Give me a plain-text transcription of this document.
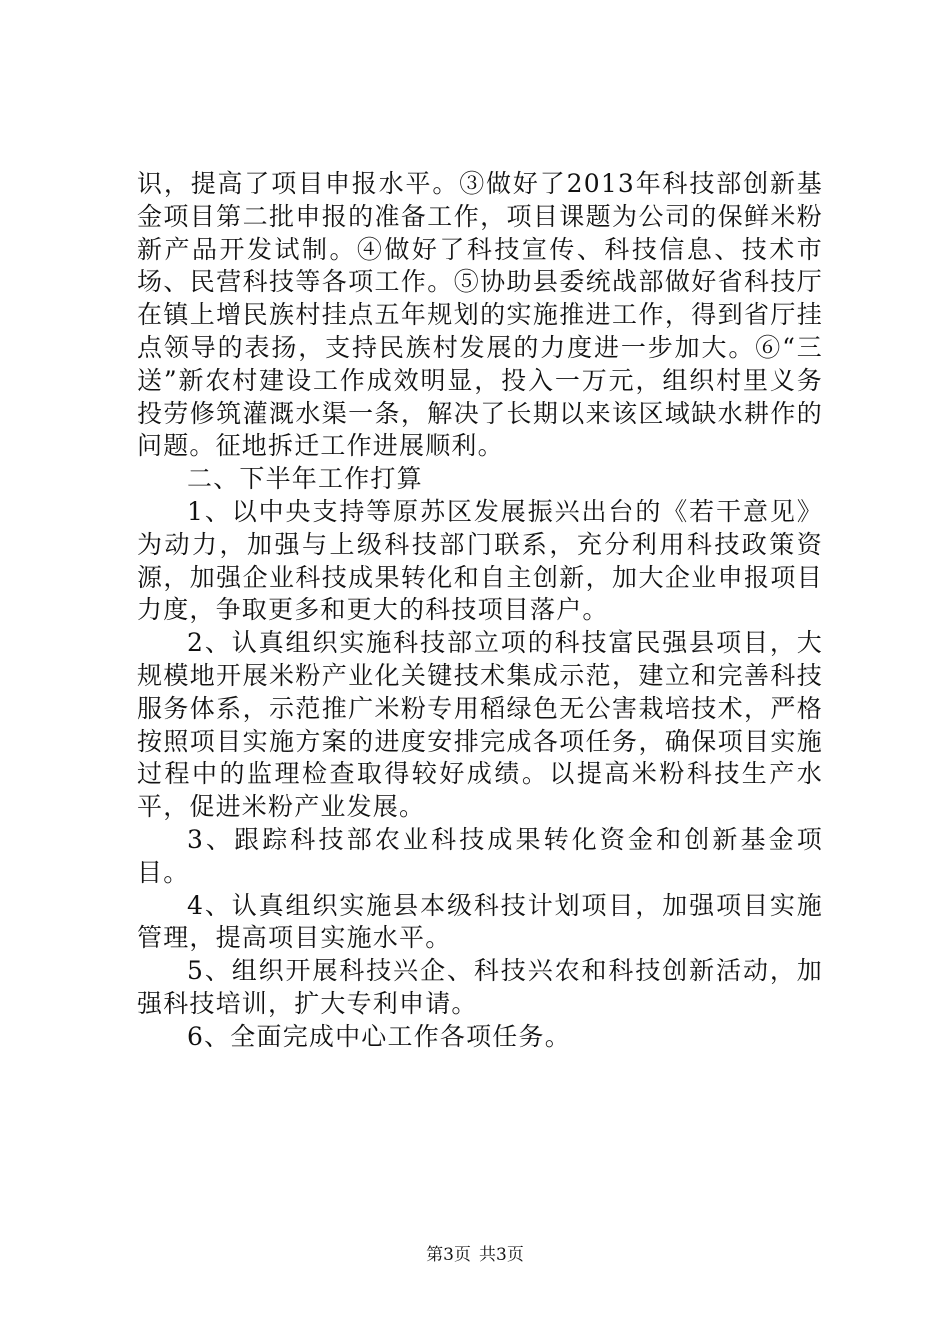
识，提高了项目申报水平。③做好了2013年科技部创新基金项目第二批申报的准备工作，项目课题为公司的保鲜米粉新产品开发试制。④做好了科技宣传、科技信息、技术市场、民营科技等各项工作。⑤协助县委统战部做好省科技厅在镇上增民族村挂点五年规划的实施推进工作，得到省厅挂点领导的表扬，支持民族村发展的力度进一步加大。⑥“三送”新农村建设工作成效明显，投入一万元，组织村里义务投劳修筑灌溉水渠一条，解决了长期以来该区域缺水耕作的问题。征地拆迁工作进展顺利。

二、下半年工作打算

1、以中央支持等原苏区发展振兴出台的《若干意见》为动力，加强与上级科技部门联系，充分利用科技政策资源，加强企业科技成果转化和自主创新，加大企业申报项目力度，争取更多和更大的科技项目落户。

2、认真组织实施科技部立项的科技富民强县项目，大规模地开展米粉产业化关键技术集成示范，建立和完善科技服务体系，示范推广米粉专用稻绿色无公害栽培技术，严格按照项目实施方案的进度安排完成各项任务，确保项目实施过程中的监理检查取得较好成绩。以提高米粉科技生产水平，促进米粉产业发展。

3、跟踪科技部农业科技成果转化资金和创新基金项目。

4、认真组织实施县本级科技计划项目，加强项目实施管理，提高项目实施水平。

5、组织开展科技兴企、科技兴农和科技创新活动，加强科技培训，扩大专利申请。

6、全面完成中心工作各项任务。

第3页 共3页
